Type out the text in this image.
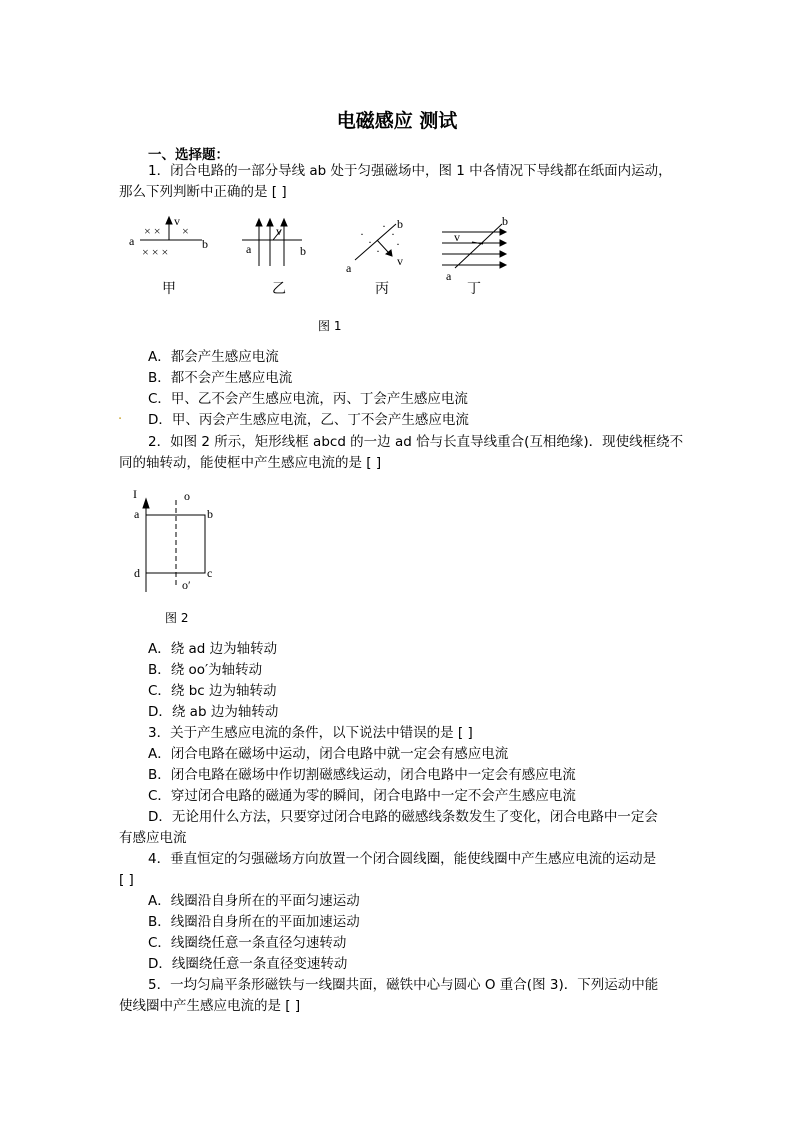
电磁感应 测试
一、选择题：
1．闭合电路的一部分导线 ab 处于匀强磁场中，图 1 中各情况下导线都在纸面内运动，
那么下列判断中正确的是 [ ]
× × ×
× × ×
a	b
v
a	b
v	·
·
·
·
· ·
a
b
v
v
a
b
甲	乙	丙	丁
图 1
A．都会产生感应电流
B．都不会产生感应电流
C．甲、乙不会产生感应电流，丙、丁会产生感应电流
· D．甲、丙会产生感应电流，乙、丁不会产生感应电流
2．如图 2 所示，矩形线框 abcd 的一边 ad 恰与长直导线重合(互相绝缘)．现使线框绕不
同的轴转动，能使框中产生感应电流的是 [ ]
I	o
a	b
c
d
o′
图 2
A．绕 ad 边为轴转动
B．绕 oo′为轴转动
C．绕 bc 边为轴转动
D．绕 ab 边为轴转动
3．关于产生感应电流的条件，以下说法中错误的是 [ ]
A．闭合电路在磁场中运动，闭合电路中就一定会有感应电流
B．闭合电路在磁场中作切割磁感线运动，闭合电路中一定会有感应电流
C．穿过闭合电路的磁通为零的瞬间，闭合电路中一定不会产生感应电流
D．无论用什么方法，只要穿过闭合电路的磁感线条数发生了变化，闭合电路中一定会
有感应电流
4．垂直恒定的匀强磁场方向放置一个闭合圆线圈，能使线圈中产生感应电流的运动是
[ ]
A．线圈沿自身所在的平面匀速运动
B．线圈沿自身所在的平面加速运动
C．线圈绕任意一条直径匀速转动
D．线圈绕任意一条直径变速转动
5．一均匀扁平条形磁铁与一线圈共面，磁铁中心与圆心 O 重合(图 3)．下列运动中能
使线圈中产生感应电流的是 [ ]
